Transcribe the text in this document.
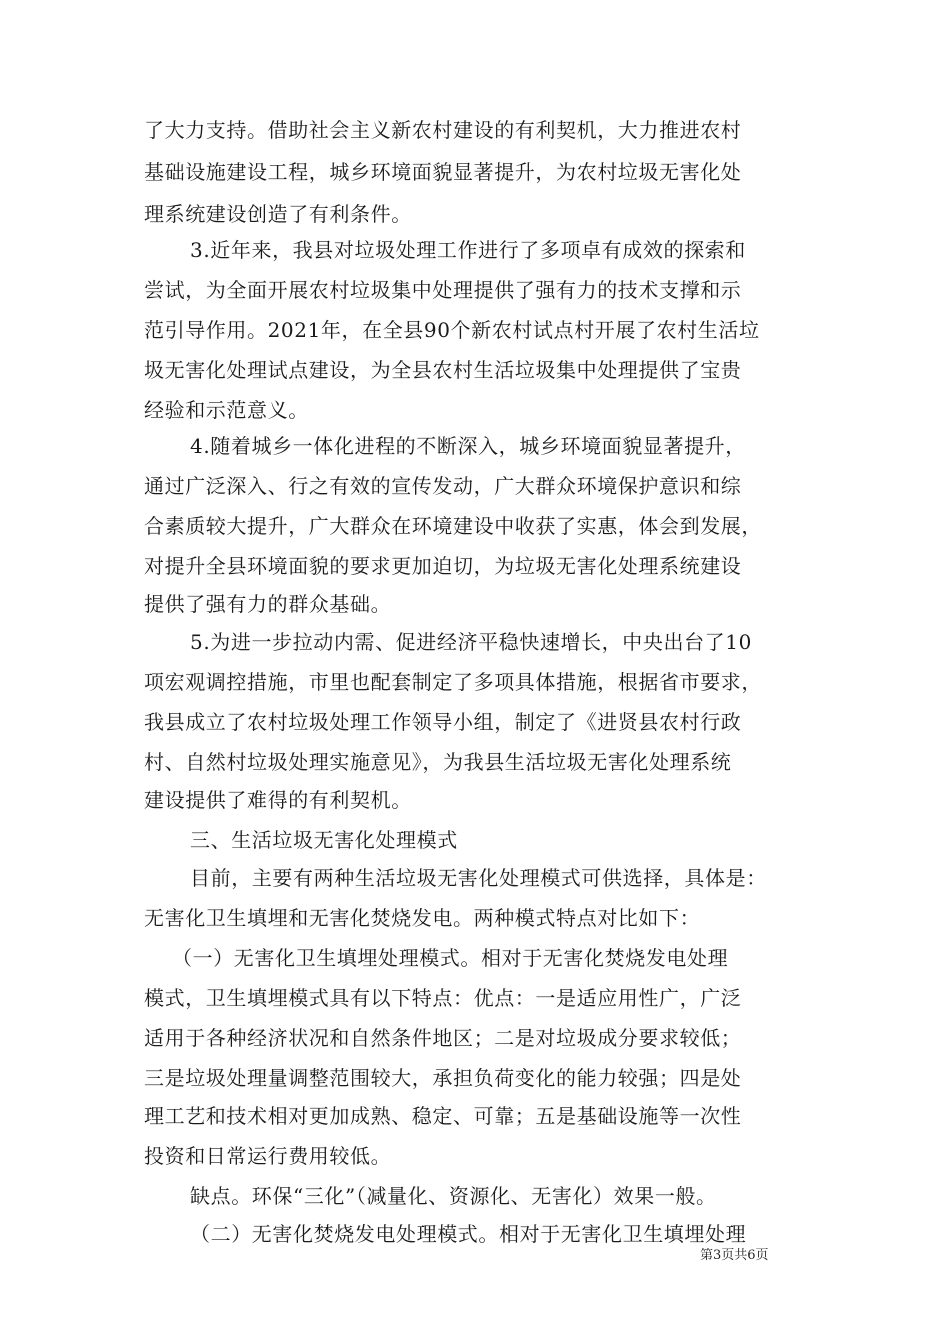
了大力支持。借助社会主义新农村建设的有利契机，大力推进农村
基础设施建设工程，城乡环境面貌显著提升，为农村垃圾无害化处
理系统建设创造了有利条件。
3.近年来，我县对垃圾处理工作进行了多项卓有成效的探索和
尝试，为全面开展农村垃圾集中处理提供了强有力的技术支撑和示
范引导作用。2021年，在全县90个新农村试点村开展了农村生活垃
圾无害化处理试点建设，为全县农村生活垃圾集中处理提供了宝贵
经验和示范意义。
4.随着城乡一体化进程的不断深入，城乡环境面貌显著提升，
通过广泛深入、行之有效的宣传发动，广大群众环境保护意识和综
合素质较大提升，广大群众在环境建设中收获了实惠，体会到发展，
对提升全县环境面貌的要求更加迫切，为垃圾无害化处理系统建设
提供了强有力的群众基础。
5.为进一步拉动内需、促进经济平稳快速增长，中央出台了10
项宏观调控措施，市里也配套制定了多项具体措施，根据省市要求，
我县成立了农村垃圾处理工作领导小组，制定了《进贤县农村行政
村、自然村垃圾处理实施意见》，为我县生活垃圾无害化处理系统
建设提供了难得的有利契机。
三、生活垃圾无害化处理模式
目前，主要有两种生活垃圾无害化处理模式可供选择，具体是：
无害化卫生填埋和无害化焚烧发电。两种模式特点对比如下：
（一）无害化卫生填埋处理模式。相对于无害化焚烧发电处理
模式，卫生填埋模式具有以下特点：优点：一是适应用性广，广泛
适用于各种经济状况和自然条件地区；二是对垃圾成分要求较低；
三是垃圾处理量调整范围较大，承担负荷变化的能力较强；四是处
理工艺和技术相对更加成熟、稳定、可靠；五是基础设施等一次性
投资和日常运行费用较低。
缺点。环保“三化”（减量化、资源化、无害化）效果一般。
（二）无害化焚烧发电处理模式。相对于无害化卫生填埋处理
第3页共6页
